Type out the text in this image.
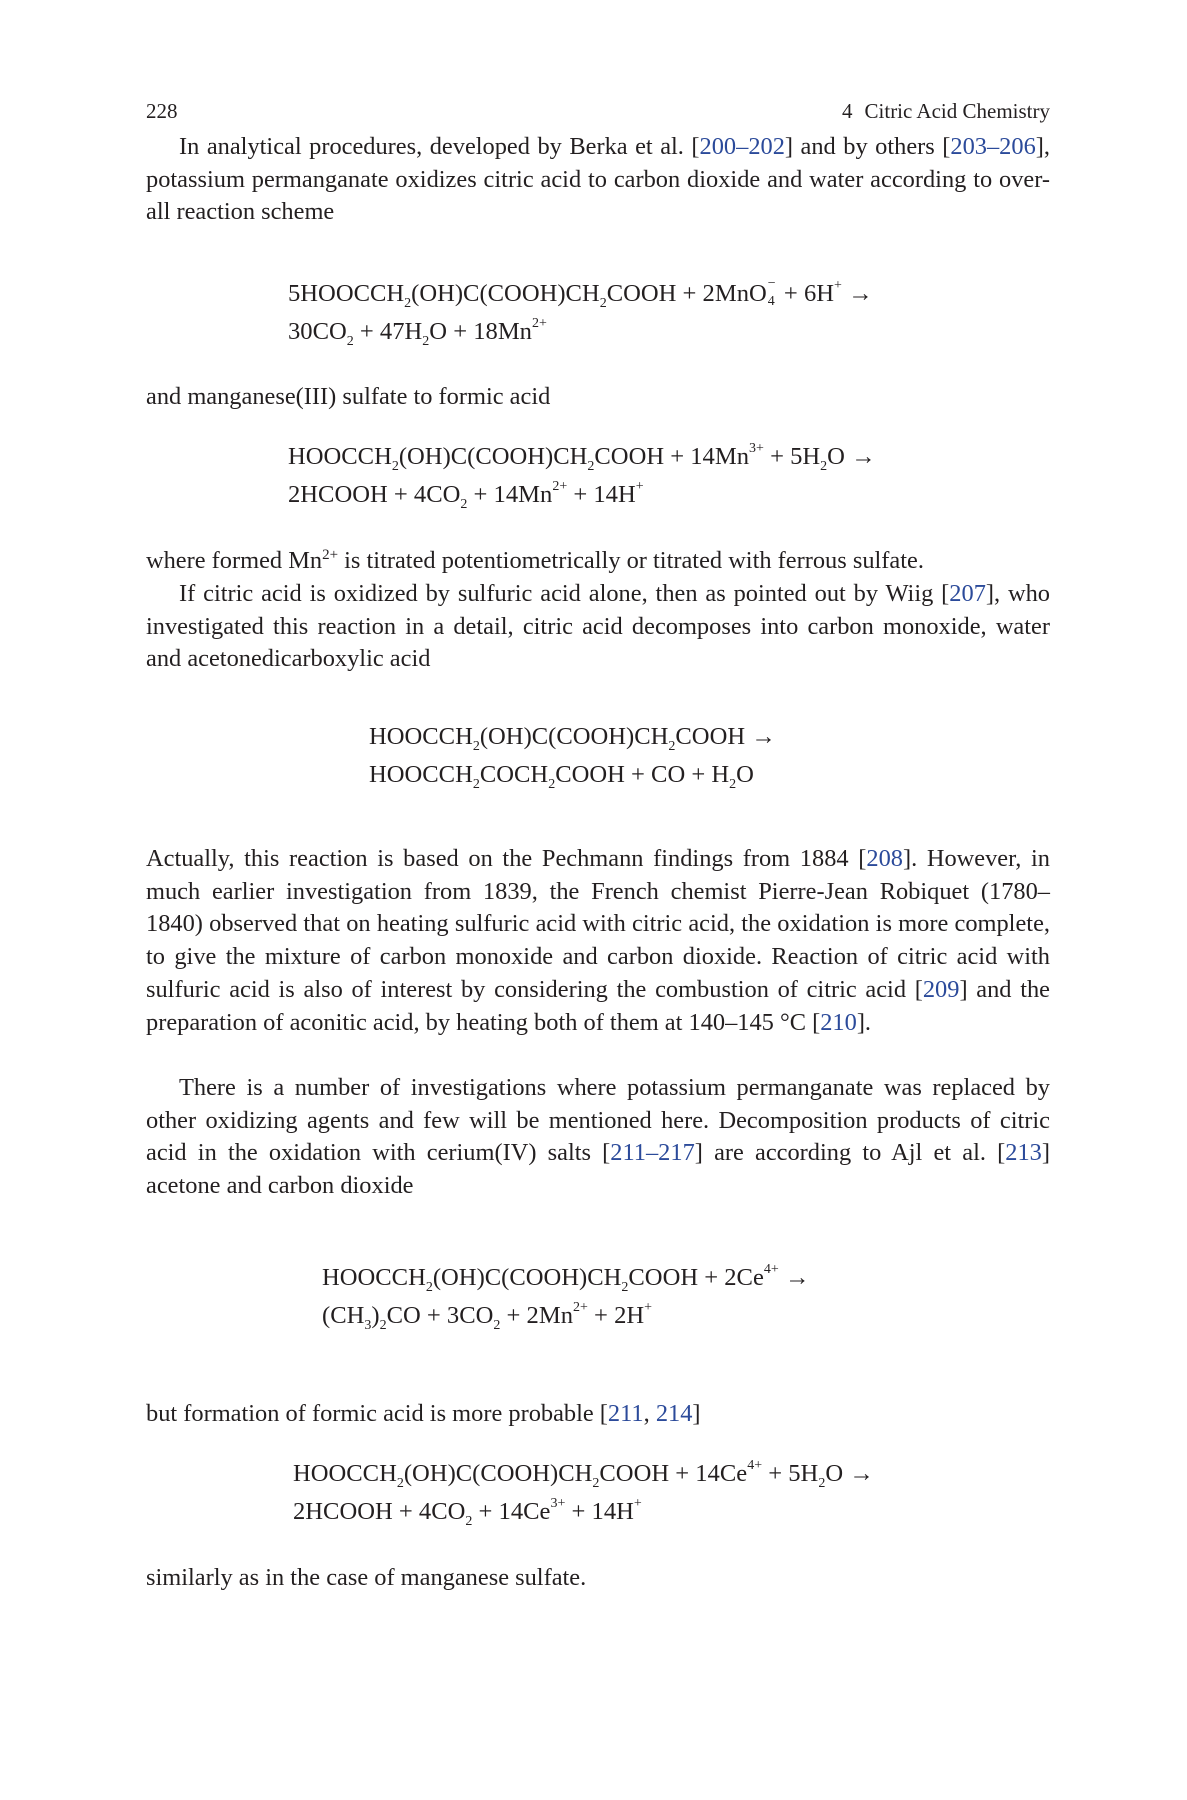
228	4 Citric Acid Chemistry

In analytical procedures, developed by Berka et al. [200–202] and by others [203–206], potassium permanganate oxidizes citric acid to carbon dioxide and water according to over-all reaction scheme

$5HOOCCH_2(OH)C(COOH)CH_2COOH + 2MnO$ −
4 + 6H+ →
$30CO_2 + 47H_2O + 18Mn^{2+}$

and manganese(III) sulfate to formic acid

$HOOCCH_2(OH)C(COOH)CH_2COOH + 14Mn^{3+} + 5H_2O$ →
2HCOOH + $4CO_2 + 14Mn^{2+} + 14H^+$

where formed $Mn^{2+}$ is titrated potentiometrically or titrated with ferrous sulfate.

If citric acid is oxidized by sulfuric acid alone, then as pointed out by Wiig [207], who investigated this reaction in a detail, citric acid decomposes into carbon monoxide, water and acetonedicarboxylic acid

$HOOCCH_2(OH)C(COOH)CH_2COOH$ →
$HOOCCH_2COCH_2COOH$ + CO + $H_2O$

Actually, this reaction is based on the Pechmann findings from 1884 [208]. However, in much earlier investigation from 1839, the French chemist Pierre-Jean Robiquet (1780–1840) observed that on heating sulfuric acid with citric acid, the oxidation is more complete, to give the mixture of carbon monoxide and carbon dioxide. Reaction of citric acid with sulfuric acid is also of interest by considering the combustion of citric acid [209] and the preparation of aconitic acid, by heating both of them at 140–145 °C [210].

There is a number of investigations where potassium permanganate was replaced by other oxidizing agents and few will be mentioned here. Decomposition products of citric acid in the oxidation with cerium(IV) salts [211–217] are according to Ajl et al. [213] acetone and carbon dioxide

$HOOCCH_2(OH)C(COOH)CH_2COOH + 2Ce^{4+}$ →
$(CH_3)_2CO + 3CO_2 + 2Mn^{2+} + 2H^+$

but formation of formic acid is more probable [211, 214]

$HOOCCH_2(OH)C(COOH)CH_2COOH + 14Ce^{4+} + 5H_2O$ →
2HCOOH + $4CO_2 + 14Ce^{3+} + 14H^+$

similarly as in the case of manganese sulfate.
